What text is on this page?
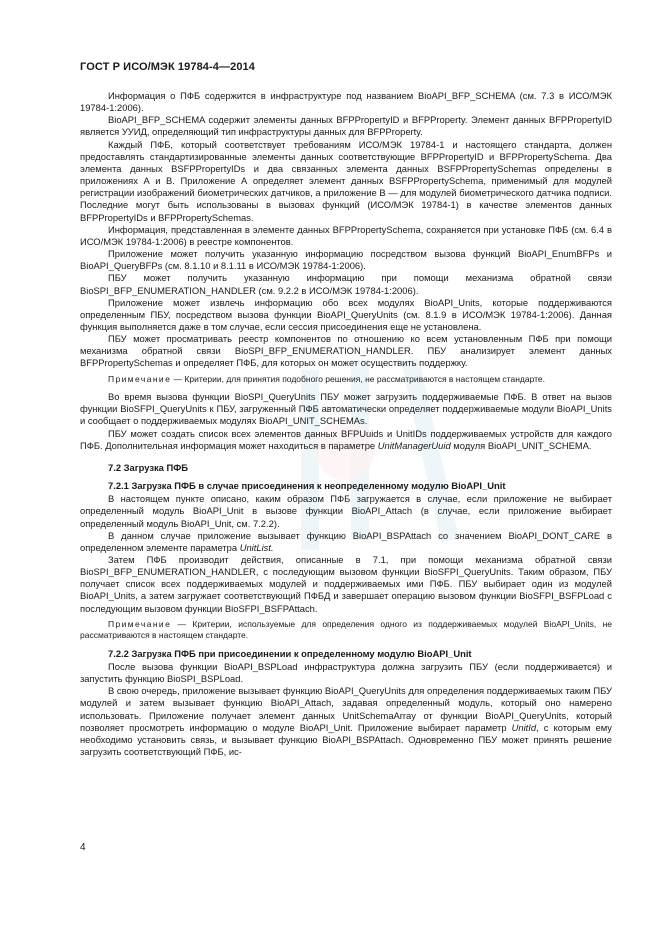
ГОСТ Р ИСО/МЭК 19784-4—2014

Информация о ПФБ содержится в инфраструктуре под названием BioAPI_BFP_SCHEMA (см. 7.3 в ИСО/МЭК 19784-1:2006).

BioAPI_BFP_SCHEMA содержит элементы данных BFPPropertyID и BFPProperty. Элемент данных BFPPropertyID является УУИД, определяющий тип инфраструктуры данных для BFPProperty.

Каждый ПФБ, который соответствует требованиям ИСО/МЭК 19784-1 и настоящего стандарта, должен предоставлять стандартизированные элементы данных соответствующие BFPPropertyID и BFPPropertySchema. Два элемента данных BSFPPropertyIDs и два связанных элемента данных BSFPPropertySchemas определены в приложениях А и В. Приложение А определяет элемент данных BSFPPropertySchema, применимый для модулей регистрации изображений биометрических датчиков, а приложение В — для модулей биометрического датчика подписи. Последние могут быть использованы в вызовах функций (ИСО/МЭК 19784-1) в качестве элементов данных BFPPropertyIDs и BFPPropertySchemas.

Информация, представленная в элементе данных BFPPropertySchema, сохраняется при установке ПФБ (см. 6.4 в ИСО/МЭК 19784-1:2006) в реестре компонентов.

Приложение может получить указанную информацию посредством вызова функций BioAPI_EnumBFPs и BioAPI_QueryBFPs (см. 8.1.10 и 8.1.11 в ИСО/МЭК 19784-1:2006).

ПБУ может получить указанную информацию при помощи механизма обратной связи BioSPI_BFP_ENUMERATION_HANDLER (см. 9.2.2 в ИСО/МЭК 19784-1:2006).

Приложение может извлечь информацию обо всех модулях BioAPI_Units, которые поддерживаются определенным ПБУ, посредством вызова функции BioAPI_QueryUnits (см. 8.1.9 в ИСО/МЭК 19784-1:2006). Данная функция выполняется даже в том случае, если сессия присоединения еще не установлена.

ПБУ может просматривать реестр компонентов по отношению ко всем установленным ПФБ при помощи механизма обратной связи BioSPI_BFP_ENUMERATION_HANDLER. ПБУ анализирует элемент данных BFPPropertySchemas и определяет ПФБ, для которых он может осуществить поддержку.

Примечание — Критерии, для принятия подобного решения, не рассматриваются в настоящем стандарте.

Во время вызова функции BioSPI_QueryUnits ПБУ может загрузить поддерживаемые ПФБ. В ответ на вызов функции BioSFPI_QueryUnits к ПБУ, загруженный ПФБ автоматически определяет поддерживаемые модули BioAPI_Units и сообщает о поддерживаемых модулях BioAPI_UNIT_SCHEMAs.

ПБУ может создать список всех элементов данных BFPUuids и UnitIDs поддерживаемых устройств для каждого ПФБ. Дополнительная информация может находиться в параметре UnitManagerUuid модуля BioAPI_UNIT_SCHEMA.

7.2 Загрузка ПФБ

7.2.1 Загрузка ПФБ в случае присоединения к неопределенному модулю BioAPI_Unit

В настоящем пункте описано, каким образом ПФБ загружается в случае, если приложение не выбирает определенный модуль BioAPI_Unit в вызове функции BioAPI_Attach (в случае, если приложение выбирает определенный модуль BioAPI_Unit, см. 7.2.2).

В данном случае приложение вызывает функцию BioAPI_BSPAttach со значением BioAPI_DONT_CARE в определенном элементе параметра UnitList.

Затем ПФБ производит действия, описанные в 7.1, при помощи механизма обратной связи BioSPI_BFP_ENUMERATION_HANDLER, с последующим вызовом функции BioSFPI_QueryUnits. Таким образом, ПБУ получает список всех поддерживаемых модулей и поддерживаемых ими ПФБ. ПБУ выбирает один из модулей BioAPI_Units, а затем загружает соответствующий ПФБД и завершает операцию вызовом функции BioSFPI_BSFPLoad с последующим вызовом функции BioSFPI_BSFPAttach.

Примечание — Критерии, используемые для определения одного из поддерживаемых модулей BioAPI_Units, не рассматриваются в настоящем стандарте.

7.2.2 Загрузка ПФБ при присоединении к определенному модулю BioAPI_Unit

После вызова функции BioAPI_BSPLoad инфраструктура должна загрузить ПБУ (если поддерживается) и запустить функцию BioSPI_BSPLoad.

В свою очередь, приложение вызывает функцию BioAPI_QueryUnits для определения поддерживаемых таким ПБУ модулей и затем вызывает функцию BioAPI_Attach, задавая определенный модуль, который оно намерено использовать. Приложение получает элемент данных UnitSchemaArray от функции BioAPI_QueryUnits, который позволяет просмотреть информацию о модуле BioAPI_Unit. Приложение выбирает параметр UnitId, с которым ему необходимо установить связь, и вызывает функцию BioAPI_BSPAttach. Одновременно ПБУ может принять решение загрузить соответствующий ПФБ, ис-

4
